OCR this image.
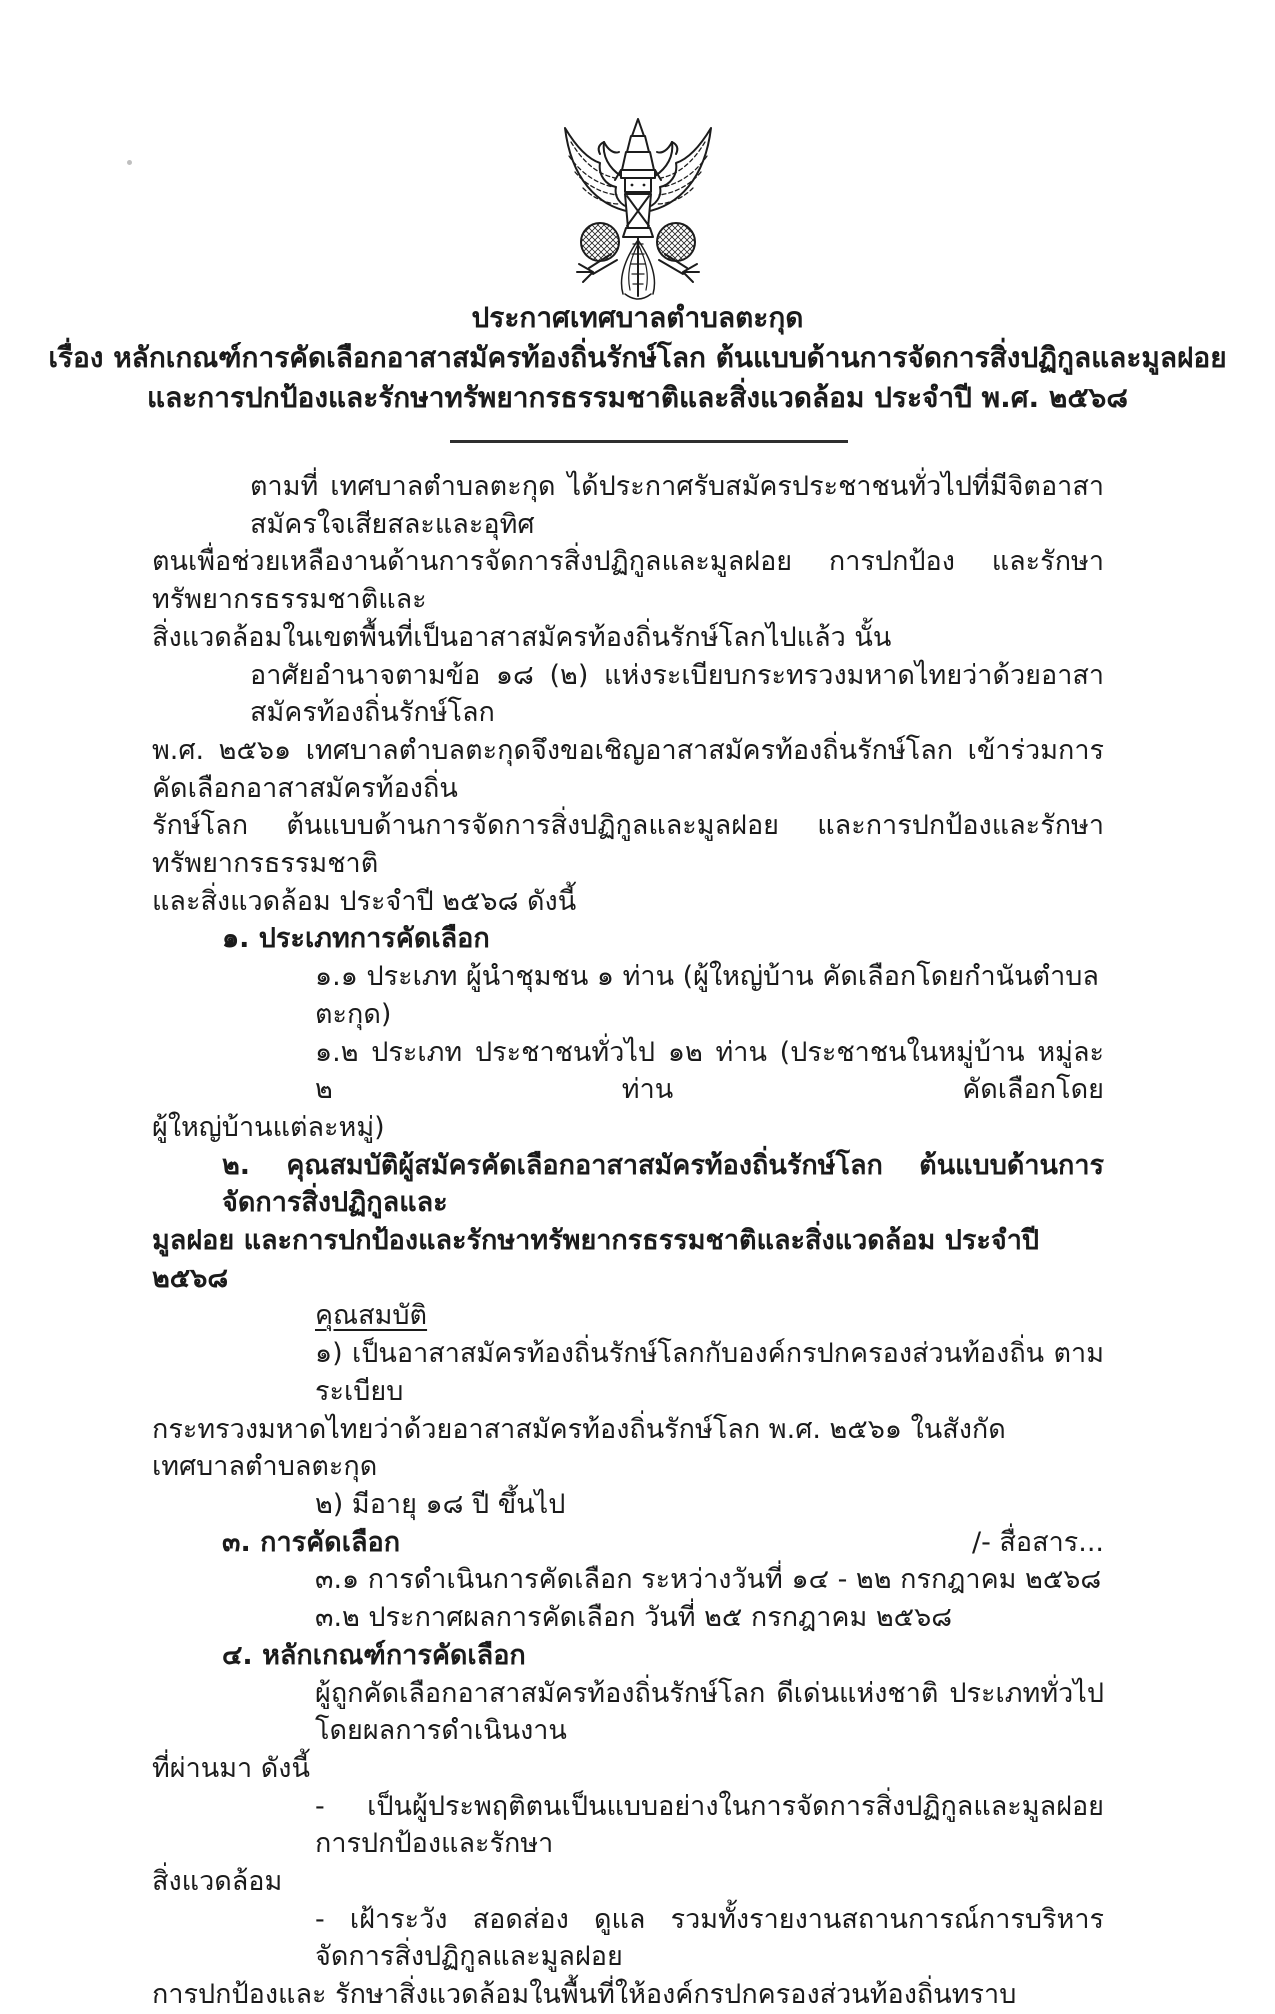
ประกาศเทศบาลตำบลตะกุด
เรื่อง หลักเกณฑ์การคัดเลือกอาสาสมัครท้องถิ่นรักษ์โลก ต้นแบบด้านการจัดการสิ่งปฏิกูลและมูลฝอย
และการปกป้องและรักษาทรัพยากรธรรมชาติและสิ่งแวดล้อม ประจำปี พ.ศ. ๒๕๖๘
ตามที่ เทศบาลตำบลตะกุด ได้ประกาศรับสมัครประชาชนทั่วไปที่มีจิตอาสา สมัครใจเสียสละและอุทิศ
ตนเพื่อช่วยเหลืองานด้านการจัดการสิ่งปฏิกูลและมูลฝอย การปกป้อง และรักษา ทรัพยากรธรรมชาติและ
สิ่งแวดล้อมในเขตพื้นที่เป็นอาสาสมัครท้องถิ่นรักษ์โลกไปแล้ว นั้น
อาศัยอำนาจตามข้อ ๑๘ (๒) แห่งระเบียบกระทรวงมหาดไทยว่าด้วยอาสาสมัครท้องถิ่นรักษ์โลก
พ.ศ. ๒๕๖๑ เทศบาลตำบลตะกุดจึงขอเชิญอาสาสมัครท้องถิ่นรักษ์โลก เข้าร่วมการคัดเลือกอาสาสมัครท้องถิ่น
รักษ์โลก ต้นแบบด้านการจัดการสิ่งปฏิกูลและมูลฝอย และการปกป้องและรักษาทรัพยากรธรรมชาติ
และสิ่งแวดล้อม ประจำปี ๒๕๖๘ ดังนี้
๑. ประเภทการคัดเลือก
๑.๑ ประเภท ผู้นำชุมชน ๑ ท่าน (ผู้ใหญ่บ้าน คัดเลือกโดยกำนันตำบลตะกุด)
๑.๒ ประเภท ประชาชนทั่วไป ๑๒ ท่าน (ประชาชนในหมู่บ้าน หมู่ละ ๒ ท่าน คัดเลือกโดย
ผู้ใหญ่บ้านแต่ละหมู่)
๒. คุณสมบัติผู้สมัครคัดเลือกอาสาสมัครท้องถิ่นรักษ์โลก ต้นแบบด้านการจัดการสิ่งปฏิกูลและ
มูลฝอย และการปกป้องและรักษาทรัพยากรธรรมชาติและสิ่งแวดล้อม ประจำปี ๒๕๖๘
คุณสมบัติ
๑) เป็นอาสาสมัครท้องถิ่นรักษ์โลกกับองค์กรปกครองส่วนท้องถิ่น ตามระเบียบ
กระทรวงมหาดไทยว่าด้วยอาสาสมัครท้องถิ่นรักษ์โลก พ.ศ. ๒๕๖๑ ในสังกัด เทศบาลตำบลตะกุด
๒) มีอายุ ๑๘ ปี ขึ้นไป
๓. การคัดเลือก
๓.๑ การดำเนินการคัดเลือก ระหว่างวันที่ ๑๔ - ๒๒ กรกฎาคม ๒๕๖๘
๓.๒ ประกาศผลการคัดเลือก วันที่ ๒๕ กรกฎาคม ๒๕๖๘
๔. หลักเกณฑ์การคัดเลือก
ผู้ถูกคัดเลือกอาสาสมัครท้องถิ่นรักษ์โลก ดีเด่นแห่งชาติ ประเภททั่วไป โดยผลการดำเนินงาน
ที่ผ่านมา ดังนี้
- เป็นผู้ประพฤติตนเป็นแบบอย่างในการจัดการสิ่งปฏิกูลและมูลฝอย การปกป้องและรักษา
สิ่งแวดล้อม
- เฝ้าระวัง สอดส่อง ดูแล รวมทั้งรายงานสถานการณ์การบริหารจัดการสิ่งปฏิกูลและมูลฝอย
การปกป้องและ รักษาสิ่งแวดล้อมในพื้นที่ให้องค์กรปกครองส่วนท้องถิ่นทราบ
/- สื่อสาร...
